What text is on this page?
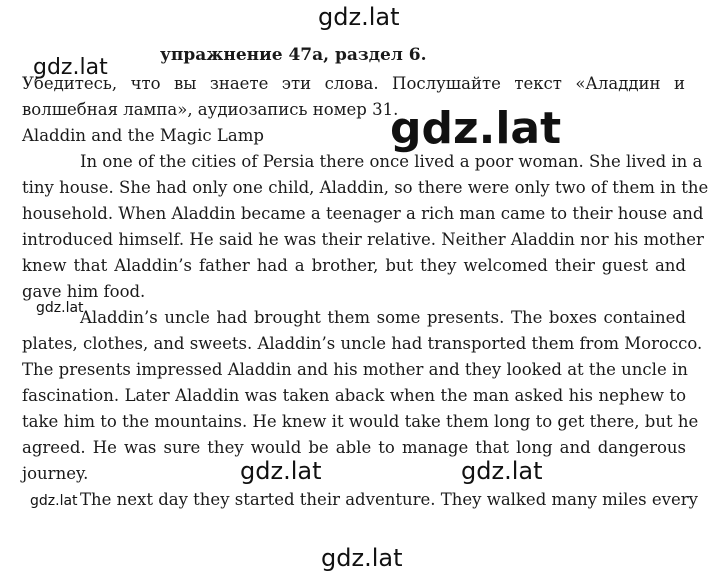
gdz.lat
gdz.lat
gdz.lat
gdz.lat
gdz.lat	gdz.lat
gdz.lat
gdz.lat
упражнение 47а, раздел 6.
Убедитесь, что вы знаете эти слова. Послушайте текст «Аладдин и
волшебная лампа», аудиозапись номер 31.
Aladdin and the Magic Lamp
In one of the cities of Persia there once lived a poor woman. She lived in a
tiny house. She had only one child, Aladdin, so there were only two of them in the
household. When Aladdin became a teenager a rich man came to their house and
introduced himself. He said he was their relative. Neither Aladdin nor his mother
knew that Aladdin’s father had a brother, but they welcomed their guest and
gave him food.
Aladdin’s uncle had brought them some presents. The boxes contained
plates, clothes, and sweets. Aladdin’s uncle had transported them from Morocco.
The presents impressed Aladdin and his mother and they looked at the uncle in
fascination. Later Aladdin was taken aback when the man asked his nephew to
take him to the mountains. He knew it would take them long to get there, but he
agreed. He was sure they would be able to manage that long and dangerous
journey.
The next day they started their adventure. They walked many miles every
